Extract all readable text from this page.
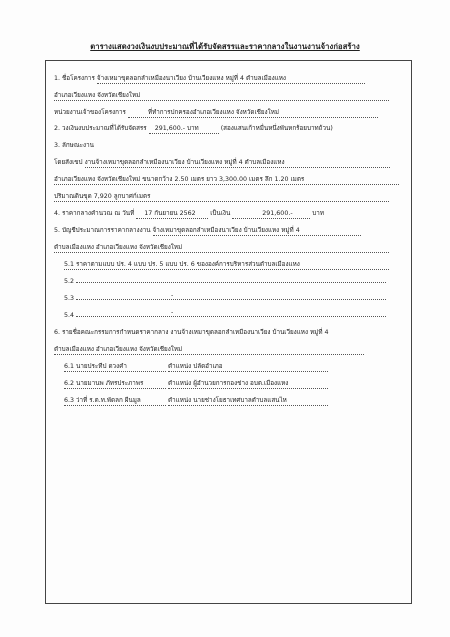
ตารางแสดงวงเงินงบประมาณที่ได้รับจัดสรรและราคากลางในงานงานจ้างก่อสร้าง
1. ชื่อโครงการ จ้างเหมาขุดลอกลำเหมืองนาเวียง บ้านเวียงแหง หมู่ที่ 4 ตำบลเมืองแหง
อำเภอเวียงแหง จังหวัดเชียงใหม่
หน่วยงานเจ้าของโครงการ	ที่ทำการปกครองอำเภอเวียงแหง จังหวัดเชียงใหม่
2. วงเงินงบประมาณที่ได้รับจัดสรร 291,600.- บาท	(สองแสนเก้าหมื่นหนึ่งพันหกร้อยบาทถ้วน)
3. ลักษณะงาน
โดยสังเขป งานจ้างเหมาขุดลอกลำเหมืองนาเวียง บ้านเวียงแหง หมู่ที่ 4 ตำบลเมืองแหง
อำเภอเวียงแหง จังหวัดเชียงใหม่ ขนาดกว้าง 2.50 เมตร ยาว 3,300.00 เมตร ลึก 1.20 เมตร
ปริมาณดินขุด 7,920 ลูกบาศก์เมตร
4. ราคากลางคำนวณ ณ วันที่ 17 กันยายน 2562 เป็นเงิน	291,600.-	บาท
5. บัญชีประมาณการราคากลางงาน จ้างเหมาขุดลอกลำเหมืองนาเวียง บ้านเวียงแหง หมู่ที่ 4
ตำบลเมืองแหง อำเภอเวียงแหง จังหวัดเชียงใหม่
5.1 ราคาตามแบบ ปร. 4 แบบ ปร. 5 แบบ ปร. 6 ขององค์การบริหารส่วนตำบลเมืองแหง
5.2
-
5.3
-
5.4
6. รายชื่อคณะกรรมการกำหนดราคากลาง งานจ้างเหมาขุดลอกลำเหมืองนาเวียง บ้านเวียงแหง หมู่ที่ 4
ตำบลเมืองแหง อำเภอเวียงแหง จังหวัดเชียงใหม่
6.1 นายประทีป ดวงคำ	ตำแหน่ง ปลัดอำเภอ
6.2 นายมานพ ภัทรประภาพร	ตำแหน่ง ผู้อำนวยการกองช่าง อบต.เมืองแหง
6.3 ว่าที่ ร.ต.ท.พัดลก ผืนมูล	ตำแหน่ง นายช่างโยธาเทศบาลตำบลแสนไห
